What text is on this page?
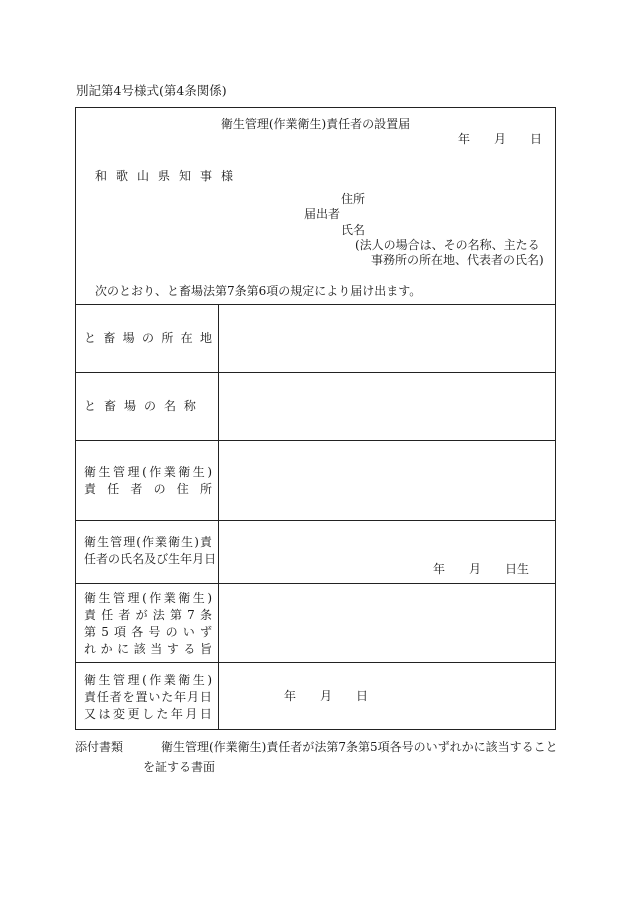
別記第4号様式(第4条関係)
衛生管理(作業衛生)責任者の設置届
年 月 日
和歌山県知事様
住所
届出者
氏名
(法人の場合は、その名称、主たる
事務所の所在地、代表者の氏名)
次のとおり、と畜場法第7条第6項の規定により届け出ます。
と 畜 場 の 所 在 地
と 畜 場 の 名 称
衛 生 管 理 ( 作 業 衛 生 )
責 任 者 の 住 所
衛 生 管 理 ( 作 業 衛 生 ) 責
任 者 の 氏 名 及 び 生 年 月 日
年 月 日生
衛 生 管 理 ( 作 業 衛 生 )
責 任 者 が 法 第 7 条
第 5 項 各 号 の い ず
れ か に 該 当 す る 旨
衛 生 管 理 ( 作 業 衛 生 )
責 任 者 を 置 い た 年 月 日
又 は 変 更 し た 年 月 日
年 月 日
添付書類	衛生管理(作業衛生)責任者が法第7条第5項各号のいずれかに該当すること
を証する書面
